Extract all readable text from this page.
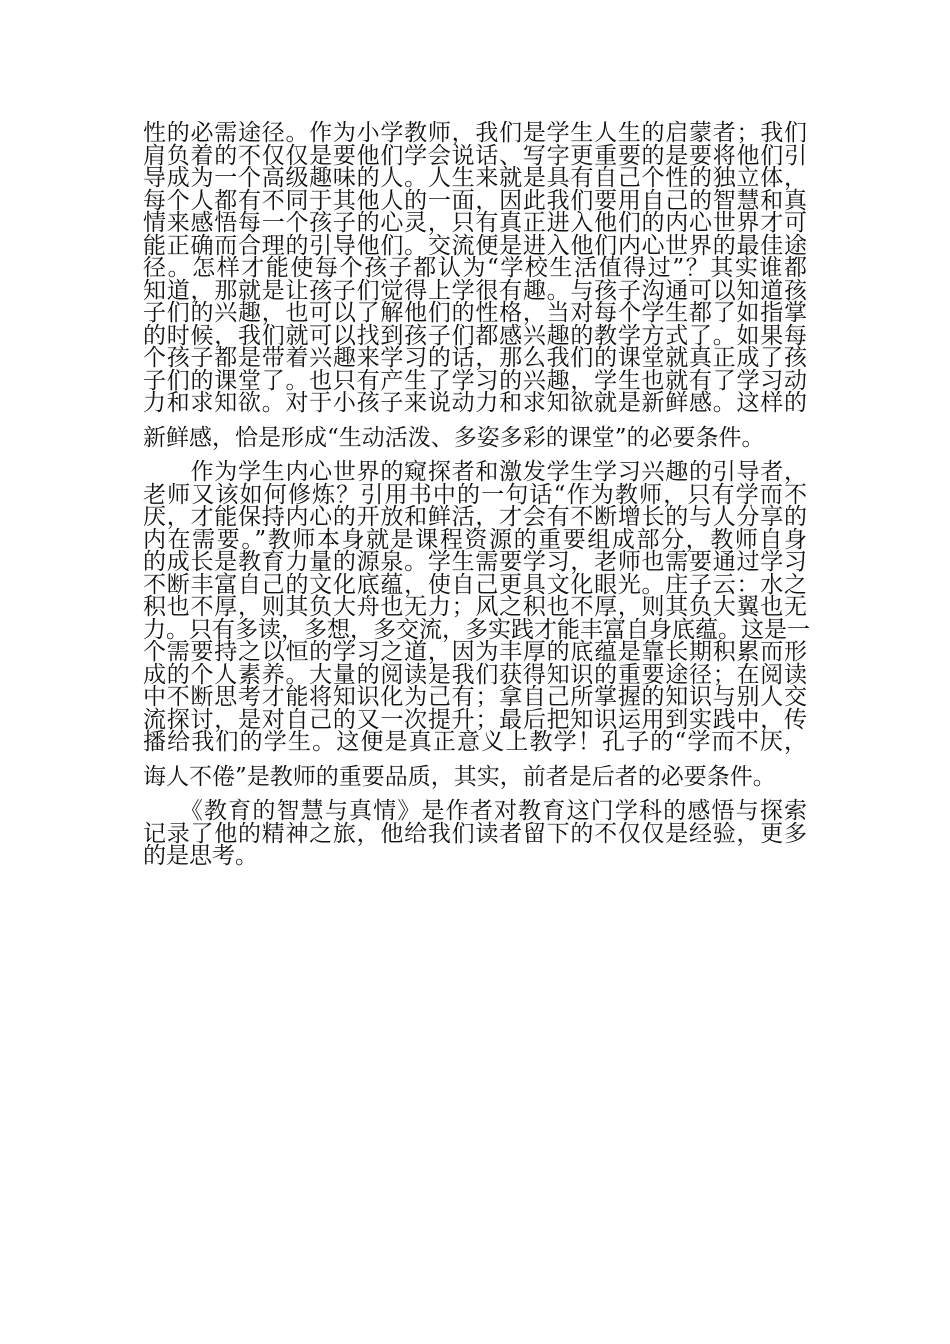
性的必需途径。作为小学教师，我们是学生人生的启蒙者；我们
肩负着的不仅仅是要他们学会说话、写字更重要的是要将他们引
导成为一个高级趣味的人。人生来就是具有自己个性的独立体，
每个人都有不同于其他人的一面，因此我们要用自己的智慧和真
情来感悟每一个孩子的心灵，只有真正进入他们的内心世界才可
能正确而合理的引导他们。交流便是进入他们内心世界的最佳途
径。怎样才能使每个孩子都认为“学校生活值得过”？其实谁都
知道，那就是让孩子们觉得上学很有趣。与孩子沟通可以知道孩
子们的兴趣，也可以了解他们的性格，当对每个学生都了如指掌
的时候，我们就可以找到孩子们都感兴趣的教学方式了。如果每
个孩子都是带着兴趣来学习的话，那么我们的课堂就真正成了孩
子们的课堂了。也只有产生了学习的兴趣，学生也就有了学习动
力和求知欲。对于小孩子来说动力和求知欲就是新鲜感。这样的
新鲜感，恰是形成“生动活泼、多姿多彩的课堂”的必要条件。
　　作为学生内心世界的窥探者和激发学生学习兴趣的引导者，
老师又该如何修炼？引用书中的一句话“作为教师，只有学而不
厌，才能保持内心的开放和鲜活，才会有不断增长的与人分享的
内在需要。”教师本身就是课程资源的重要组成部分，教师自身
的成长是教育力量的源泉。学生需要学习，老师也需要通过学习
不断丰富自己的文化底蕴，使自己更具文化眼光。庄子云：水之
积也不厚，则其负大舟也无力；风之积也不厚，则其负大翼也无
力。只有多读，多想，多交流，多实践才能丰富自身底蕴。这是一
个需要持之以恒的学习之道，因为丰厚的底蕴是靠长期积累而形
成的个人素养。大量的阅读是我们获得知识的重要途径；在阅读
中不断思考才能将知识化为己有；拿自己所掌握的知识与别人交
流探讨，是对自己的又一次提升；最后把知识运用到实践中，传
播给我们的学生。这便是真正意义上教学！孔子的“学而不厌，
诲人不倦”是教师的重要品质，其实，前者是后者的必要条件。
　　《教育的智慧与真情》是作者对教育这门学科的感悟与探索
记录了他的精神之旅，他给我们读者留下的不仅仅是经验，更多
的是思考。
